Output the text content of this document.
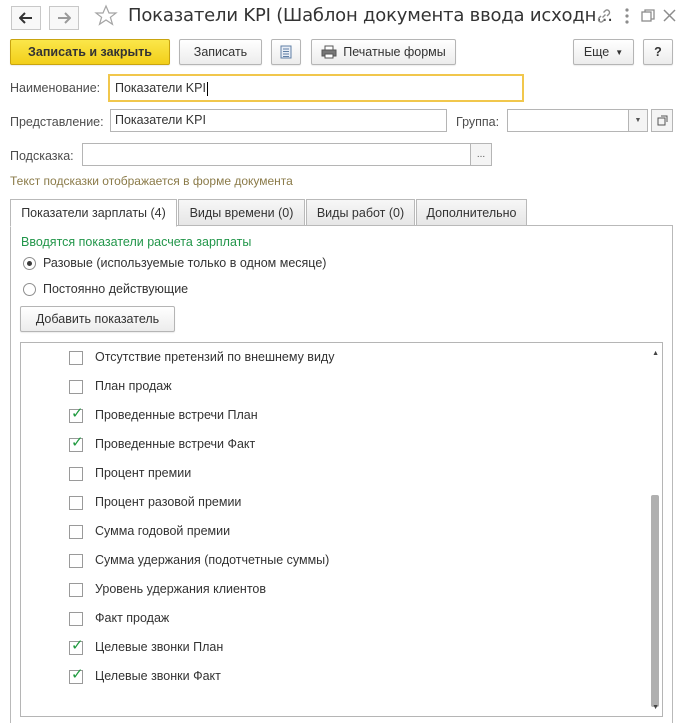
Показатели KPI (Шаблон документа ввода исходн...
Записать и закрыть	Записать	Печатные формы	Еще ▼ ?
Наименование:	Показатели KPI
Представление: Показатели KPI	Группа:	▼
Подсказка:	...
Текст подсказки отображается в форме документа
Показатели зарплаты (4) Виды времени (0) Виды работ (0) Дополнительно
Вводятся показатели расчета зарплаты
Разовые (используемые только в одном месяце)
Постоянно действующие
Добавить показатель
Отсутствие претензий по внешнему виду
План продаж
✓ Проведенные встречи План
✓ Проведенные встречи Факт
Процент премии
Процент разовой премии
Сумма годовой премии
Сумма удержания (подотчетные суммы)
Уровень удержания клиентов
Факт продаж
✓ Целевые звонки План
✓ Целевые звонки Факт
▲
▼
